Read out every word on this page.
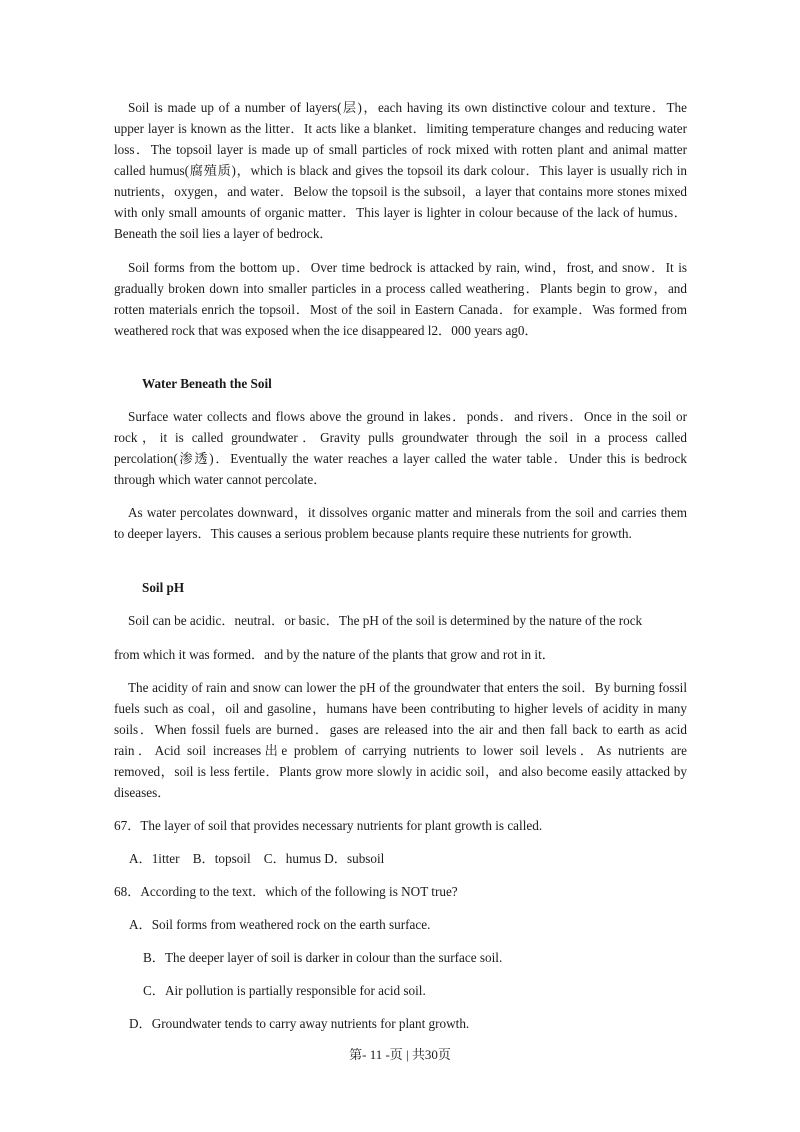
Soil is made up of a number of layers(层)，each having its own distinctive colour and texture．The upper layer is known as the litter．It acts like a blanket．limiting temperature changes and reducing water loss．The topsoil layer is made up of small particles of rock mixed with rotten plant and animal matter called humus(腐殖质)，which is black and gives the topsoil its dark colour．This layer is usually rich in nutrients，oxygen，and water．Below the topsoil is the subsoil，a layer that contains more stones mixed with only small amounts of organic matter．This layer is lighter in colour because of the lack of humus．Beneath the soil lies a layer of bedrock．

Soil forms from the bottom up．Over time bedrock is attacked by rain, wind，frost, and snow．It is gradually broken down into smaller particles in a process called weathering．Plants begin to grow，and rotten materials enrich the topsoil．Most of the soil in Eastern Canada．for example．Was formed from weathered rock that was exposed when the ice disappeared l2．000 years ag0．

Water Beneath the Soil

Surface water collects and flows above the ground in lakes．ponds．and rivers．Once in the soil or rock，it is called groundwater．Gravity pulls groundwater through the soil in a process called percolation(渗透)．Eventually the water reaches a layer called the water table．Under this is bedrock through which water cannot percolate．

As water percolates downward，it dissolves organic matter and minerals from the soil and carries them to deeper layers．This causes a serious problem because plants require these nutrients for growth.

Soil pH

Soil can be acidic．neutral．or basic．The pH of the soil is determined by the nature of the rock

from which it was formed．and by the nature of the plants that grow and rot in it．

The acidity of rain and snow can lower the pH of the groundwater that enters the soil．By burning fossil fuels such as coal，oil and gasoline，humans have been contributing to higher levels of acidity in many soils．When fossil fuels are burned．gases are released into the air and then fall back to earth as acid rain．Acid soil increases出e problem of carrying nutrients to lower soil levels．As nutrients are removed，soil is less fertile．Plants grow more slowly in acidic soil，and also become easily attacked by diseases．

67．The layer of soil that provides necessary nutrients for plant growth is called.

A．1itter　B．topsoil　C．humus D．subsoil

68．According to the text．which of the following is NOT true?

A．Soil forms from weathered rock on the earth surface.

B．The deeper layer of soil is darker in colour than the surface soil.

C．Air pollution is partially responsible for acid soil.

D．Groundwater tends to carry away nutrients for plant growth.

第- 11 -页 | 共30页
